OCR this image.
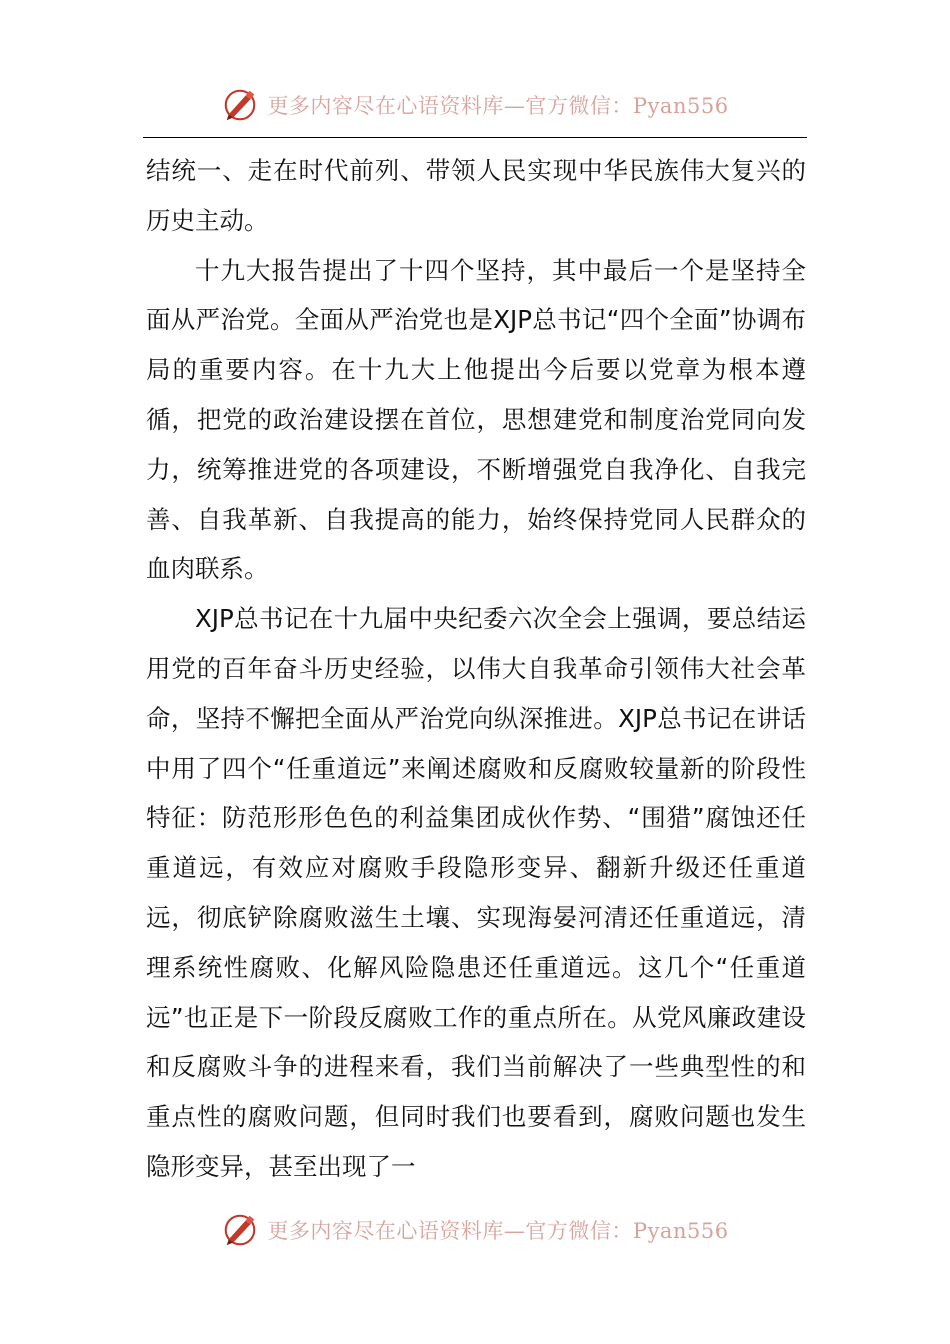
更多内容尽在心语资料库—官方微信：Pyan556

结统一、走在时代前列、带领人民实现中华民族伟大复兴的历史主动。

十九大报告提出了十四个坚持，其中最后一个是坚持全面从严治党。全面从严治党也是XJP总书记“四个全面”协调布局的重要内容。在十九大上他提出今后要以党章为根本遵循，把党的政治建设摆在首位，思想建党和制度治党同向发力，统筹推进党的各项建设，不断增强党自我净化、自我完善、自我革新、自我提高的能力，始终保持党同人民群众的血肉联系。

XJP总书记在十九届中央纪委六次全会上强调，要总结运用党的百年奋斗历史经验，以伟大自我革命引领伟大社会革命，坚持不懈把全面从严治党向纵深推进。XJP总书记在讲话中用了四个“任重道远”来阐述腐败和反腐败较量新的阶段性特征：防范形形色色的利益集团成伙作势、“围猎”腐蚀还任重道远，有效应对腐败手段隐形变异、翻新升级还任重道远，彻底铲除腐败滋生土壤、实现海晏河清还任重道远，清理系统性腐败、化解风险隐患还任重道远。这几个“任重道远”也正是下一阶段反腐败工作的重点所在。从党风廉政建设和反腐败斗争的进程来看，我们当前解决了一些典型性的和重点性的腐败问题，但同时我们也要看到，腐败问题也发生隐形变异，甚至出现了一

更多内容尽在心语资料库—官方微信：Pyan556
